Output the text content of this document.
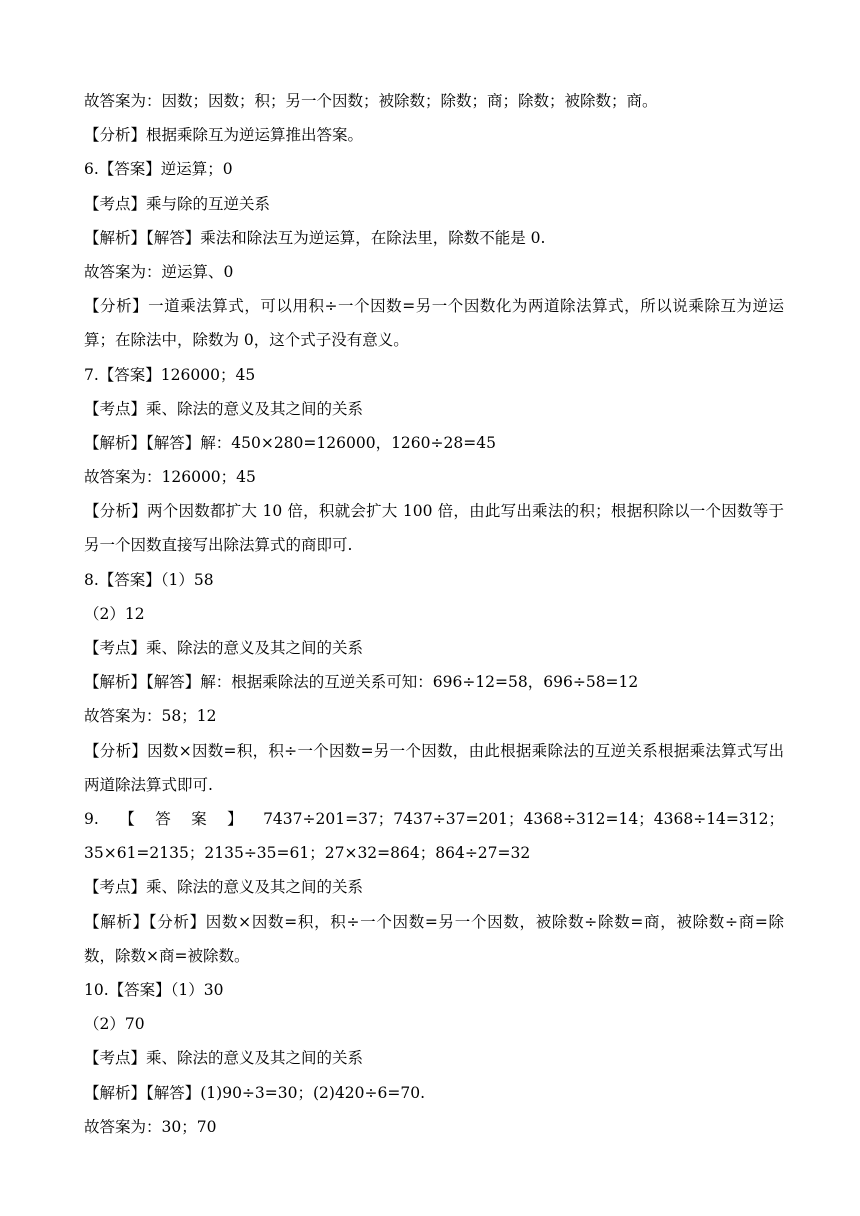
故答案为：因数；因数；积；另一个因数；被除数；除数；商；除数；被除数；商。
【分析】根据乘除互为逆运算推出答案。
6.【答案】逆运算；0
【考点】乘与除的互逆关系
【解析】【解答】乘法和除法互为逆运算，在除法里，除数不能是 0.
故答案为：逆运算、0
【分析】一道乘法算式，可以用积÷一个因数=另一个因数化为两道除法算式，所以说乘除互为逆运算；在除法中，除数为 0，这个式子没有意义。
7.【答案】126000；45
【考点】乘、除法的意义及其之间的关系
【解析】【解答】解：450×280=126000，1260÷28=45
故答案为：126000；45
【分析】两个因数都扩大 10 倍，积就会扩大 100 倍，由此写出乘法的积；根据积除以一个因数等于另一个因数直接写出除法算式的商即可.
8.【答案】（1）58
（2）12
【考点】乘、除法的意义及其之间的关系
【解析】【解答】解：根据乘除法的互逆关系可知：696÷12=58，696÷58=12
故答案为：58；12
【分析】因数×因数=积，积÷一个因数=另一个因数，由此根据乘除法的互逆关系根据乘法算式写出两道除法算式即可.
9.【答案】7437÷201=37；7437÷37=201；4368÷312=14；4368÷14=312；35×61=2135；2135÷35=61；27×32=864；864÷27=32
【考点】乘、除法的意义及其之间的关系
【解析】【分析】因数×因数=积，积÷一个因数=另一个因数，被除数÷除数=商，被除数÷商=除数，除数×商=被除数。
10.【答案】（1）30
（2）70
【考点】乘、除法的意义及其之间的关系
【解析】【解答】(1)90÷3=30；(2)420÷6=70.
故答案为：30；70
